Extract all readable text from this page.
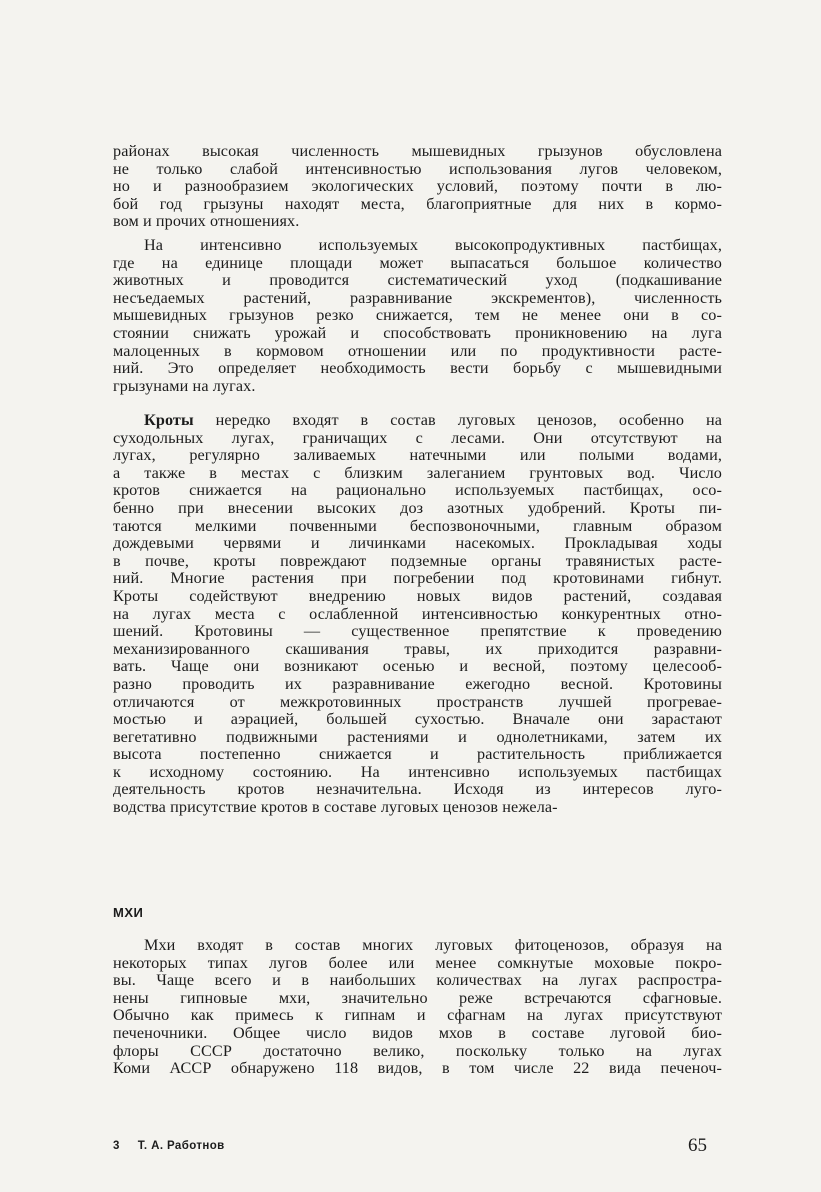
районах высокая численность мышевидных грызунов обусловлена
не только слабой интенсивностью использования лугов человеком,
но и разнообразием экологических условий, поэтому почти в лю-
бой год грызуны находят места, благоприятные для них в кормо-
вом и прочих отношениях.
На интенсивно используемых высокопродуктивных пастбищах,
где на единице площади может выпасаться большое количество
животных и проводится систематический уход (подкашивание
несъедаемых растений, разравнивание экскрементов), численность
мышевидных грызунов резко снижается, тем не менее они в со-
стоянии снижать урожай и способствовать проникновению на луга
малоценных в кормовом отношении или по продуктивности расте-
ний. Это определяет необходимость вести борьбу с мышевидными
грызунами на лугах.
Кроты нередко входят в состав луговых ценозов, особенно на
суходольных лугах, граничащих с лесами. Они отсутствуют на
лугах, регулярно заливаемых натечными или полыми водами,
а также в местах с близким залеганием грунтовых вод. Число
кротов снижается на рационально используемых пастбищах, осо-
бенно при внесении высоких доз азотных удобрений. Кроты пи-
таются мелкими почвенными беспозвоночными, главным образом
дождевыми червями и личинками насекомых. Прокладывая ходы
в почве, кроты повреждают подземные органы травянистых расте-
ний. Многие растения при погребении под кротовинами гибнут.
Кроты содействуют внедрению новых видов растений, создавая
на лугах места с ослабленной интенсивностью конкурентных отно-
шений. Кротовины — существенное препятствие к проведению
механизированного скашивания травы, их приходится разравни-
вать. Чаще они возникают осенью и весной, поэтому целесооб-
разно проводить их разравнивание ежегодно весной. Кротовины
отличаются от межкротовинных пространств лучшей прогревае-
мостью и аэрацией, большей сухостью. Вначале они зарастают
вегетативно подвижными растениями и однолетниками, затем их
высота постепенно снижается и растительность приближается
к исходному состоянию. На интенсивно используемых пастбищах
деятельность кротов незначительна. Исходя из интересов луго-
водства присутствие кротов в составе луговых ценозов нежела-
МХИ
Мхи входят в состав многих луговых фитоценозов, образуя на
некоторых типах лугов более или менее сомкнутые моховые покро-
вы. Чаще всего и в наибольших количествах на лугах распростра-
нены гипновые мхи, значительно реже встречаются сфагновые.
Обычно как примесь к гипнам и сфагнам на лугах присутствуют
печеночники. Общее число видов мхов в составе луговой био-
флоры СССР достаточно велико, поскольку только на лугах
Коми АССР обнаружено 118 видов, в том числе 22 вида печеноч-
3 Т. А. Работнов	65
